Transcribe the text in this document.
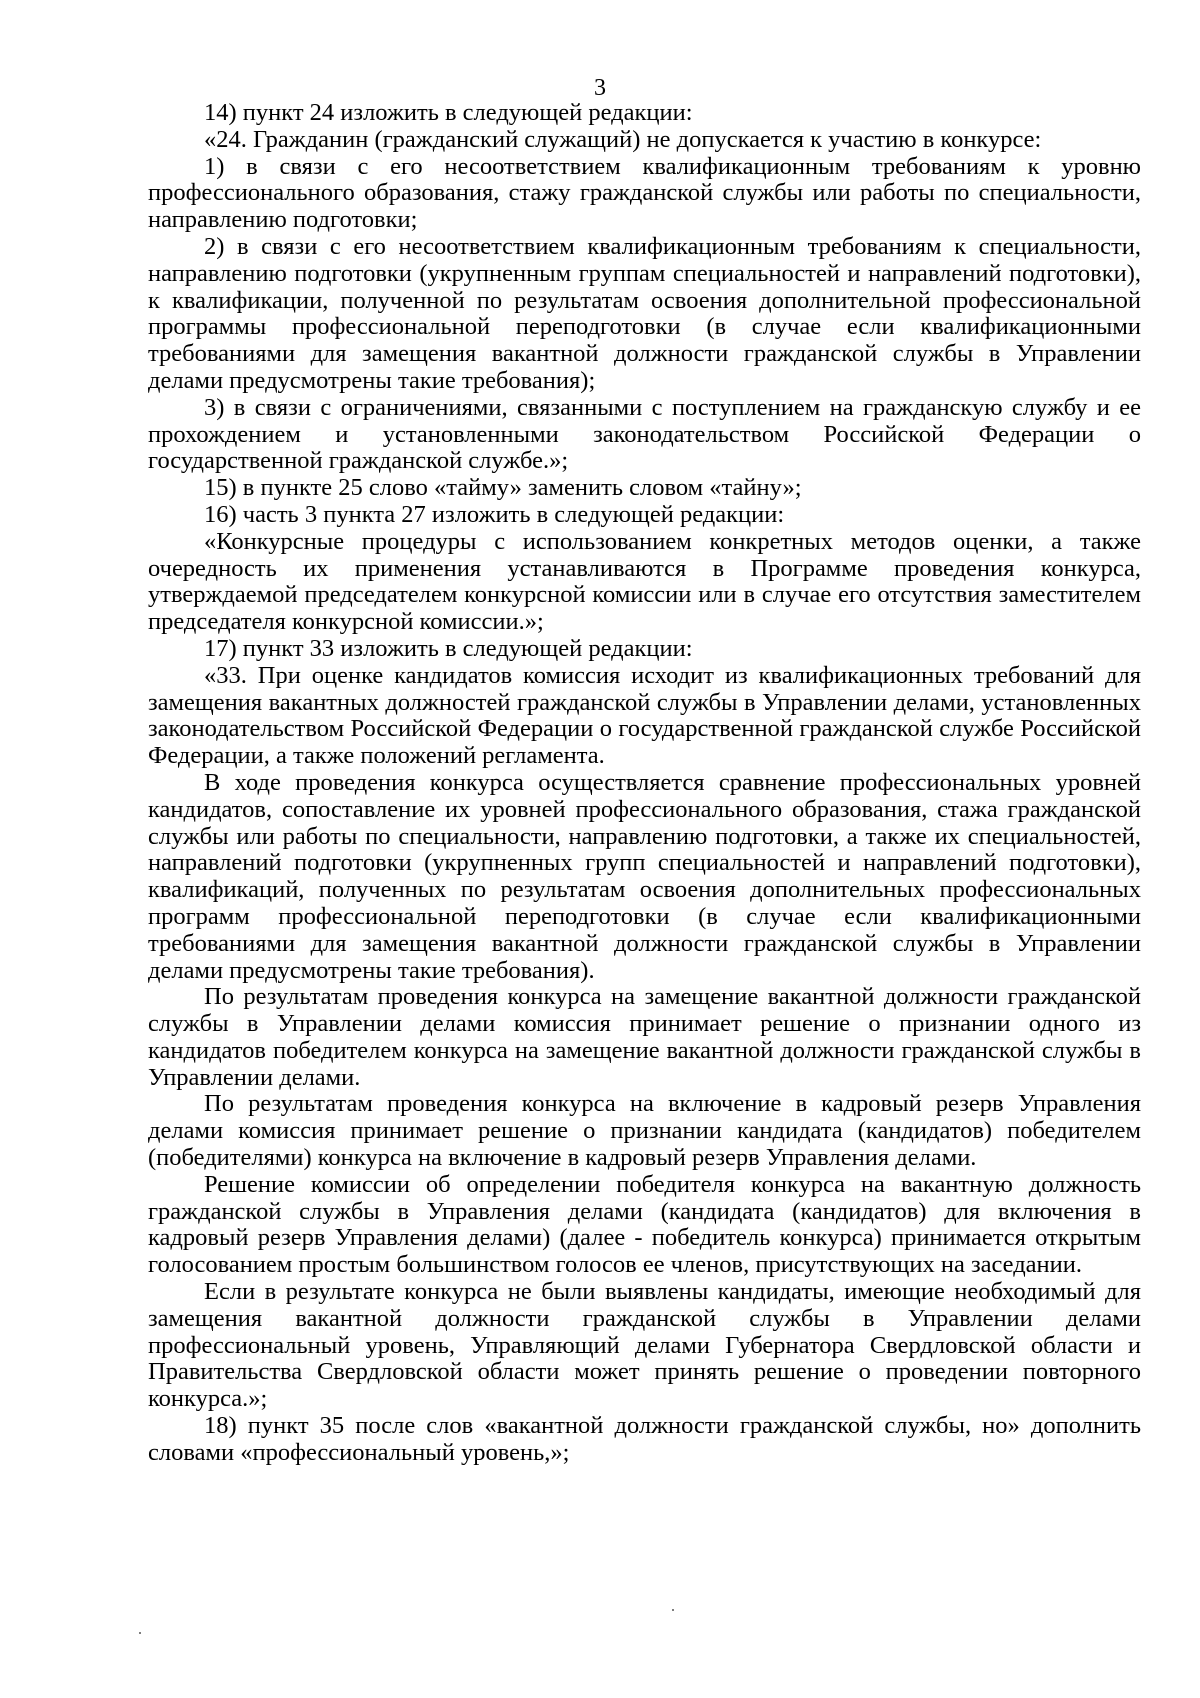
3

14) пункт 24 изложить в следующей редакции:

«24. Гражданин (гражданский служащий) не допускается к участию в конкурсе:

1) в связи с его несоответствием квалификационным требованиям к уровню профессионального образования, стажу гражданской службы или работы по специальности, направлению подготовки;

2) в связи с его несоответствием квалификационным требованиям к специальности, направлению подготовки (укрупненным группам специальностей и направлений подготовки), к квалификации, полученной по результатам освоения дополнительной профессиональной программы профессиональной переподготовки (в случае если квалификационными требованиями для замещения вакантной должности гражданской службы в Управлении делами предусмотрены такие требования);

3) в связи с ограничениями, связанными с поступлением на гражданскую службу и ее прохождением и установленными законодательством Российской Федерации о государственной гражданской службе.»;

15) в пункте 25 слово «тайму» заменить словом «тайну»;

16) часть 3 пункта 27 изложить в следующей редакции:

«Конкурсные процедуры с использованием конкретных методов оценки, а также очередность их применения устанавливаются в Программе проведения конкурса, утверждаемой председателем конкурсной комиссии или в случае его отсутствия заместителем председателя конкурсной комиссии.»;

17) пункт 33 изложить в следующей редакции:

«33. При оценке кандидатов комиссия исходит из квалификационных требований для замещения вакантных должностей гражданской службы в Управлении делами, установленных законодательством Российской Федерации о государственной гражданской службе Российской Федерации, а также положений регламента.

В ходе проведения конкурса осуществляется сравнение профессиональных уровней кандидатов, сопоставление их уровней профессионального образования, стажа гражданской службы или работы по специальности, направлению подготовки, а также их специальностей, направлений подготовки (укрупненных групп специальностей и направлений подготовки), квалификаций, полученных по результатам освоения дополнительных профессиональных программ профессиональной переподготовки (в случае если квалификационными требованиями для замещения вакантной должности гражданской службы в Управлении делами предусмотрены такие требования).

По результатам проведения конкурса на замещение вакантной должности гражданской службы в Управлении делами комиссия принимает решение о признании одного из кандидатов победителем конкурса на замещение вакантной должности гражданской службы в Управлении делами.

По результатам проведения конкурса на включение в кадровый резерв Управления делами комиссия принимает решение о признании кандидата (кандидатов) победителем (победителями) конкурса на включение в кадровый резерв Управления делами.

Решение комиссии об определении победителя конкурса на вакантную должность гражданской службы в Управления делами (кандидата (кандидатов) для включения в кадровый резерв Управления делами) (далее - победитель конкурса) принимается открытым голосованием простым большинством голосов ее членов, присутствующих на заседании.

Если в результате конкурса не были выявлены кандидаты, имеющие необходимый для замещения вакантной должности гражданской службы в Управлении делами профессиональный уровень, Управляющий делами Губернатора Свердловской области и Правительства Свердловской области может принять решение о проведении повторного конкурса.»;

18) пункт 35 после слов «вакантной должности гражданской службы, но» дополнить словами «профессиональный уровень,»;
